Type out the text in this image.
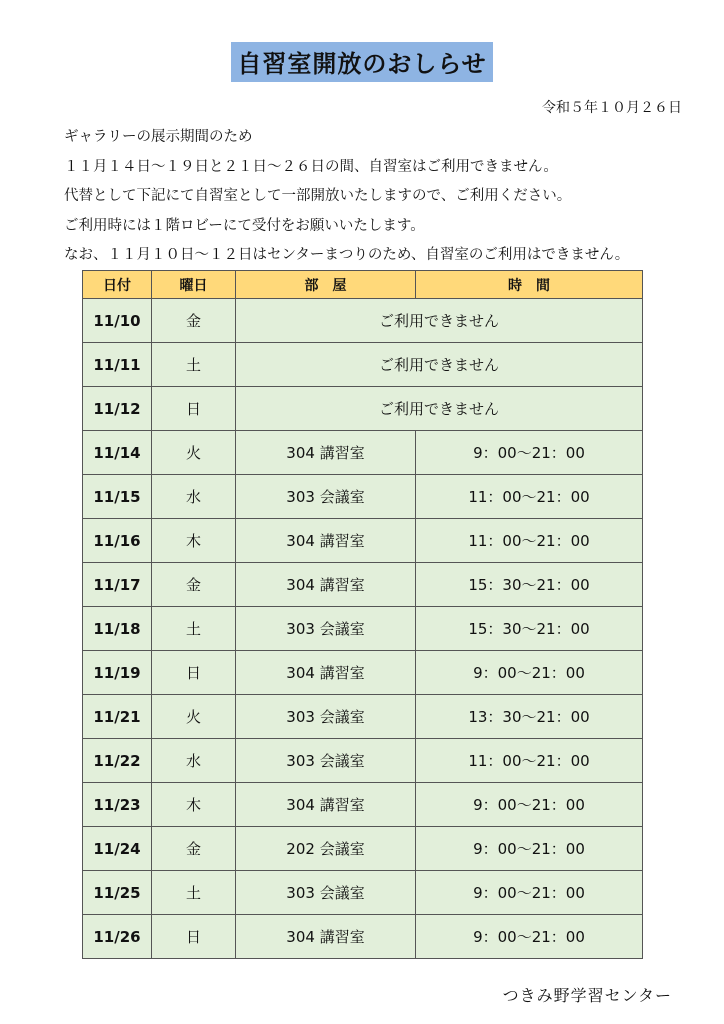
自習室開放のおしらせ
令和５年１０月２６日

ギャラリーの展示期間のため

１１月１４日～１９日と２１日～２６日の間、自習室はご利用できません。

代替として下記にて自習室として一部開放いたしますので、ご利用ください。

ご利用時には１階ロビーにて受付をお願いいたします。

なお、１１月１０日～１２日はセンターまつりのため、自習室のご利用はできません。

日付	曜日	部　屋	時　間
11/10	金	ご利用できません	
11/11	土	ご利用できません	
11/12	日	ご利用できません	
11/14	火	304 講習室	9：00～21：00
11/15	水	303 会議室	11：00～21：00
11/16	木	304 講習室	11：00～21：00
11/17	金	304 講習室	15：30～21：00
11/18	土	303 会議室	15：30～21：00
11/19	日	304 講習室	9：00～21：00
11/21	火	303 会議室	13：30～21：00
11/22	水	303 会議室	11：00～21：00
11/23	木	304 講習室	9：00～21：00
11/24	金	202 会議室	9：00～21：00
11/25	土	303 会議室	9：00～21：00
11/26	日	304 講習室	9：00～21：00
つきみ野学習センター
